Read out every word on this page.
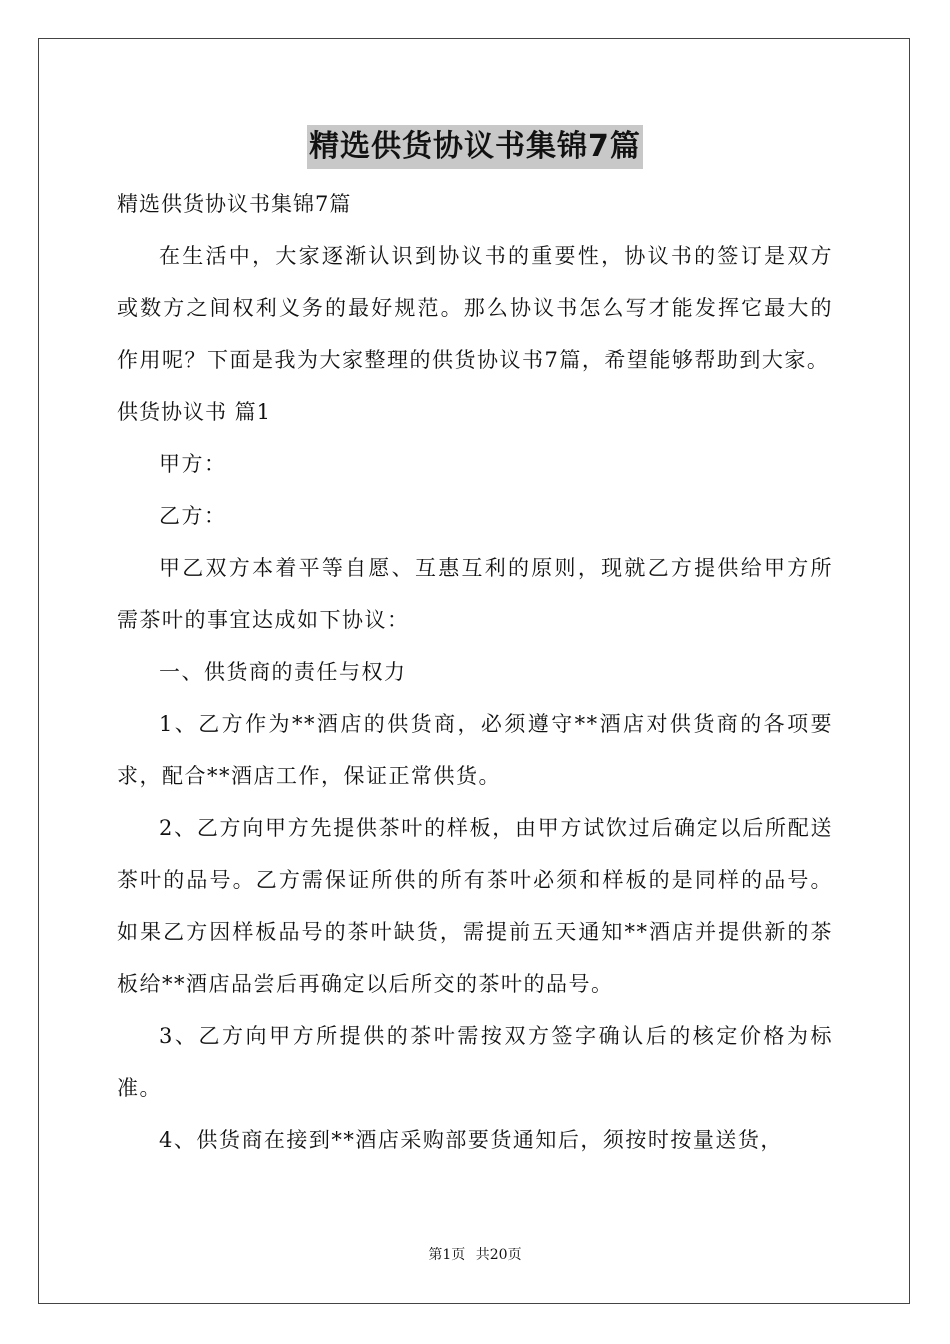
精选供货协议书集锦7篇

精选供货协议书集锦7篇

在生活中，大家逐渐认识到协议书的重要性，协议书的签订是双方或数方之间权利义务的最好规范。那么协议书怎么写才能发挥它最大的作用呢？下面是我为大家整理的供货协议书7篇，希望能够帮助到大家。

供货协议书 篇1

甲方：

乙方：

甲乙双方本着平等自愿、互惠互利的原则，现就乙方提供给甲方所需茶叶的事宜达成如下协议：

一、供货商的责任与权力

1、乙方作为**酒店的供货商，必须遵守**酒店对供货商的各项要求，配合**酒店工作，保证正常供货。

2、乙方向甲方先提供茶叶的样板，由甲方试饮过后确定以后所配送茶叶的品号。乙方需保证所供的所有茶叶必须和样板的是同样的品号。如果乙方因样板品号的茶叶缺货，需提前五天通知**酒店并提供新的茶板给**酒店品尝后再确定以后所交的茶叶的品号。

3、乙方向甲方所提供的茶叶需按双方签字确认后的核定价格为标准。

4、供货商在接到**酒店采购部要货通知后，须按时按量送货，

第1页 共20页
